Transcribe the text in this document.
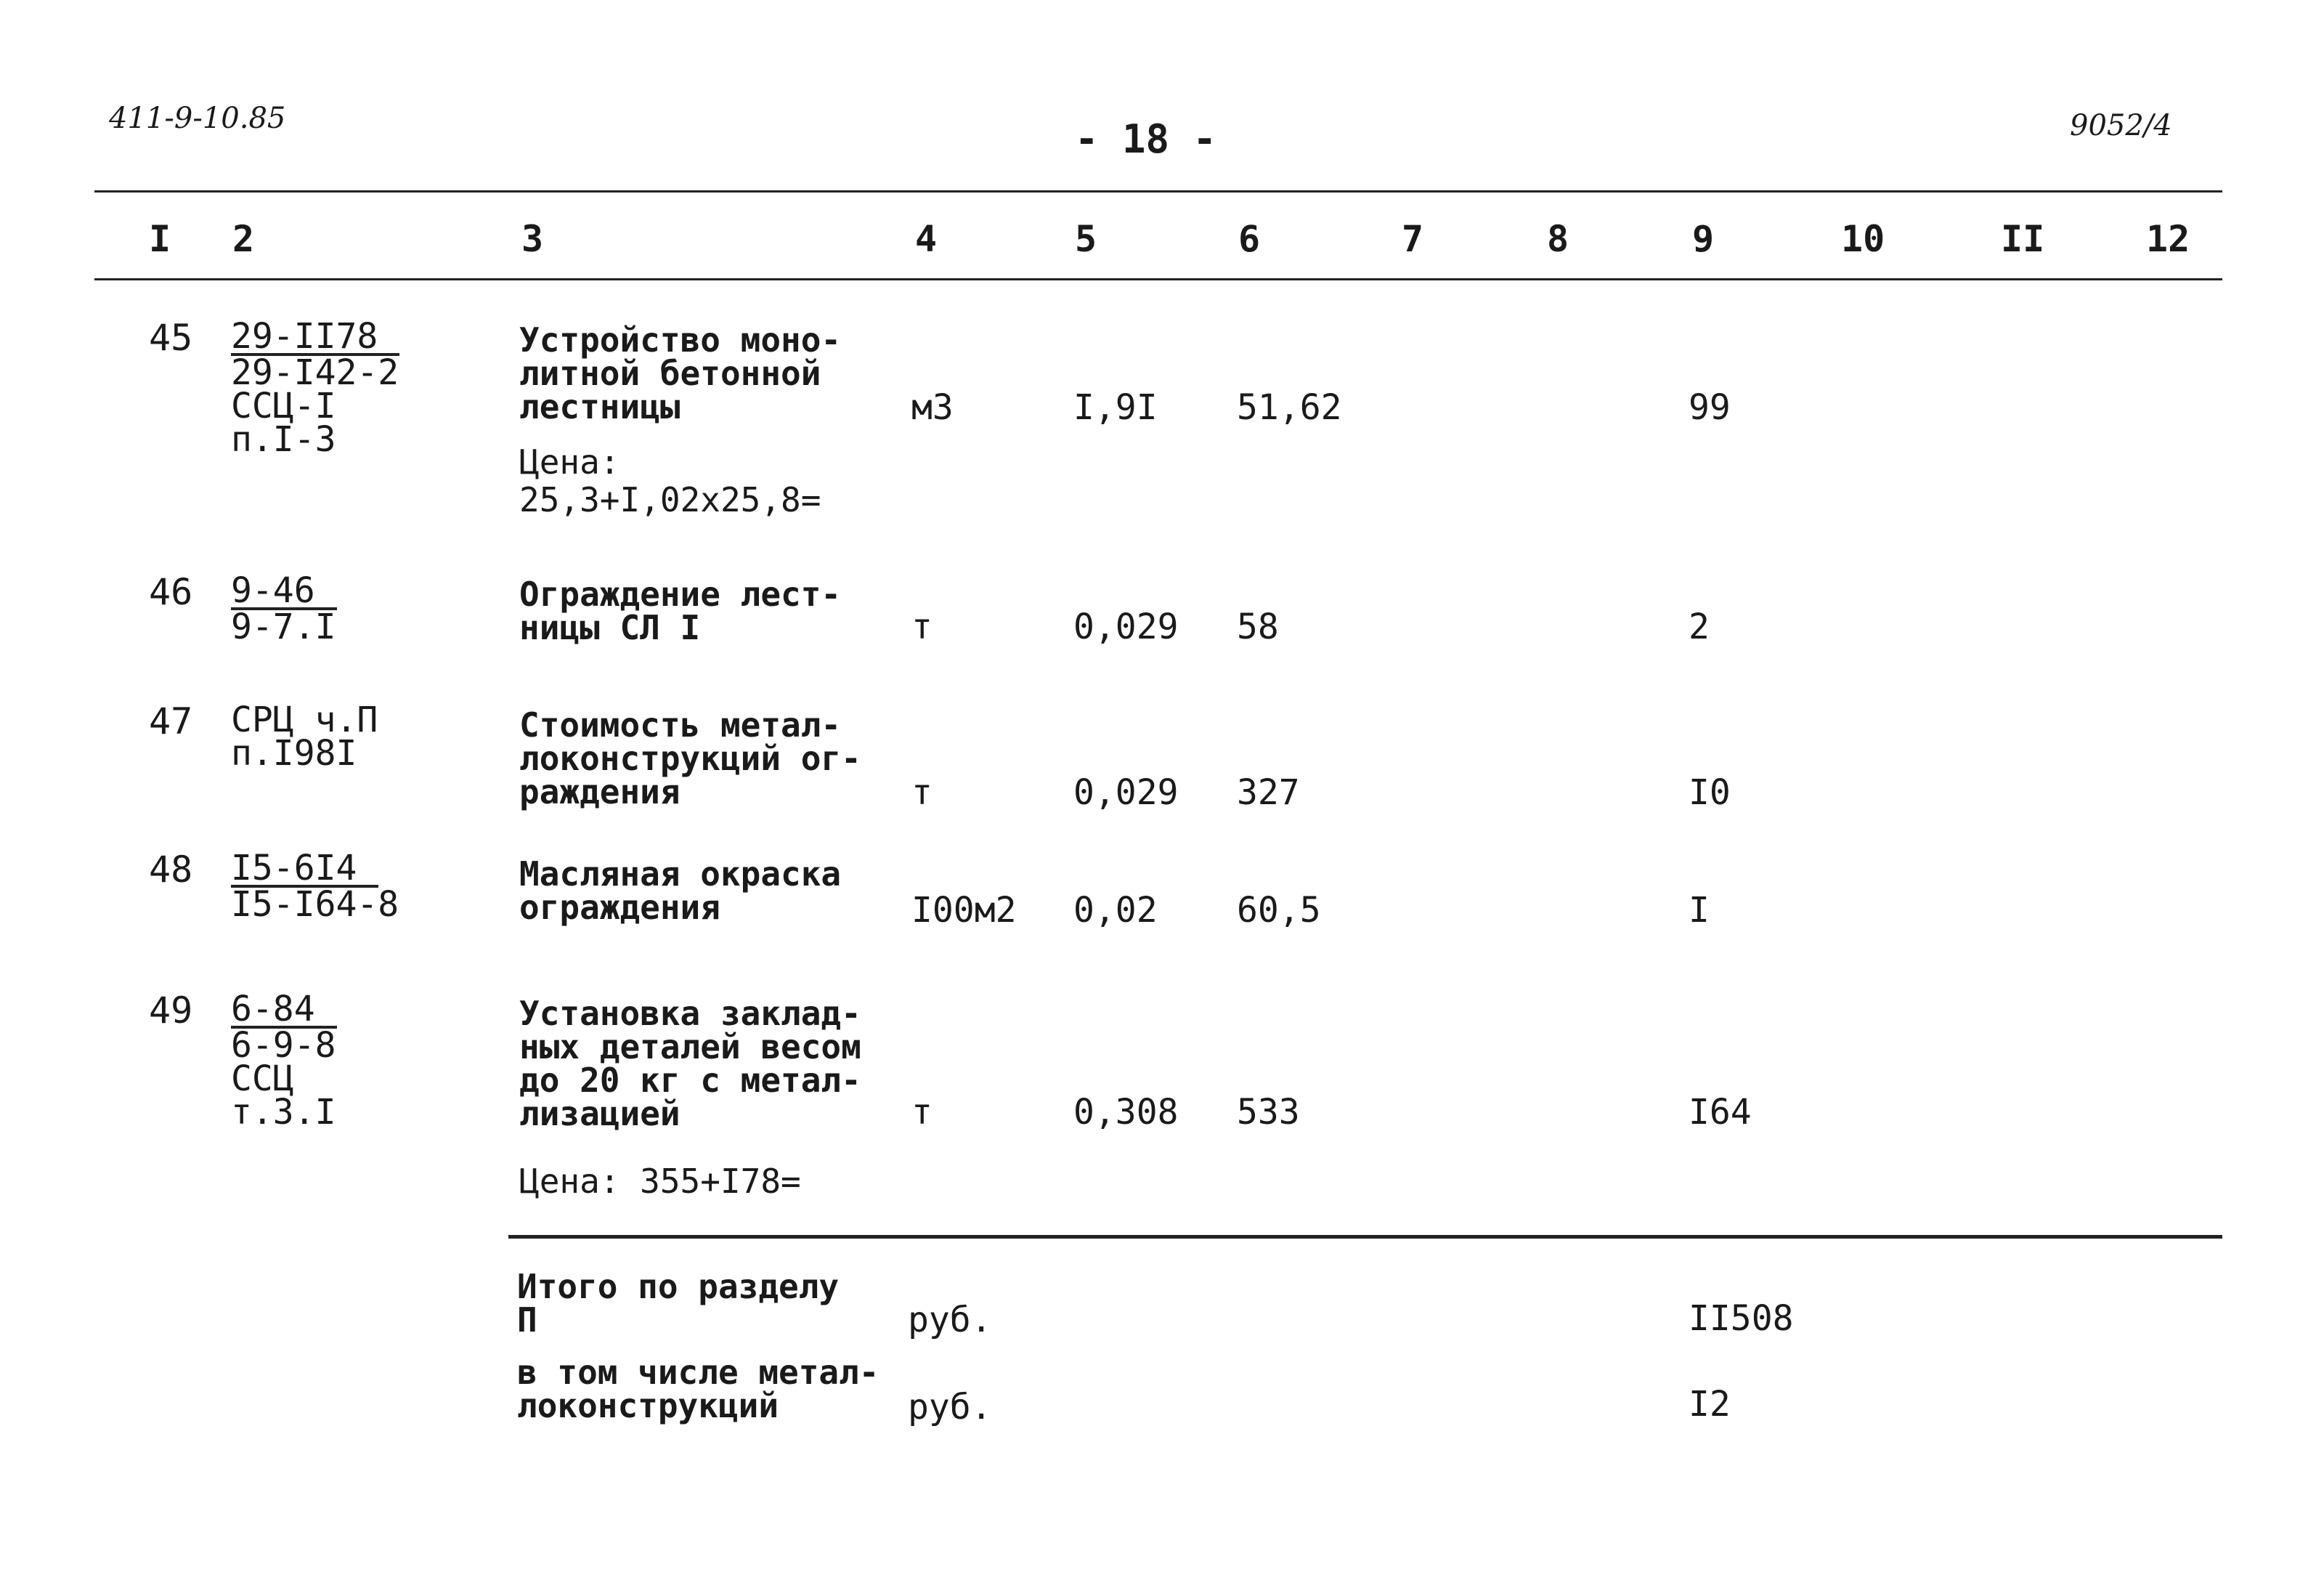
411-9-10.85	- 18 -	9052/4
I 2	3	4	5	6	7	8	9	10	II	12
45 29-II78
29-I42-2
ССЦ-I
п.I-3
Устройство моно-
литной бетонной
лестницы
Цена:
25,3+I,02x25,8=
м3	I,9I 51,62	99
46 9-46
9-7.I
Ограждение лест-
ницы СЛ I	т	0,029 58	2
47 СРЦ ч.П
п.I98I
Стоимость метал-
локонструкций ог-
раждения	т	0,029 327	I0
48 I5-6I4
I5-I64-8
Масляная окраска
ограждения	I00м2 0,02 60,5	I
49 6-84
6-9-8
ССЦ
т.3.I
Установка заклад-
ных деталей весом
до 20 кг с метал-
лизацией
Цена: 355+I78=
т	0,308 533	I64
Итого по разделу
П	руб.	II508
в том числе метал-
локонструкций	руб.	I2
